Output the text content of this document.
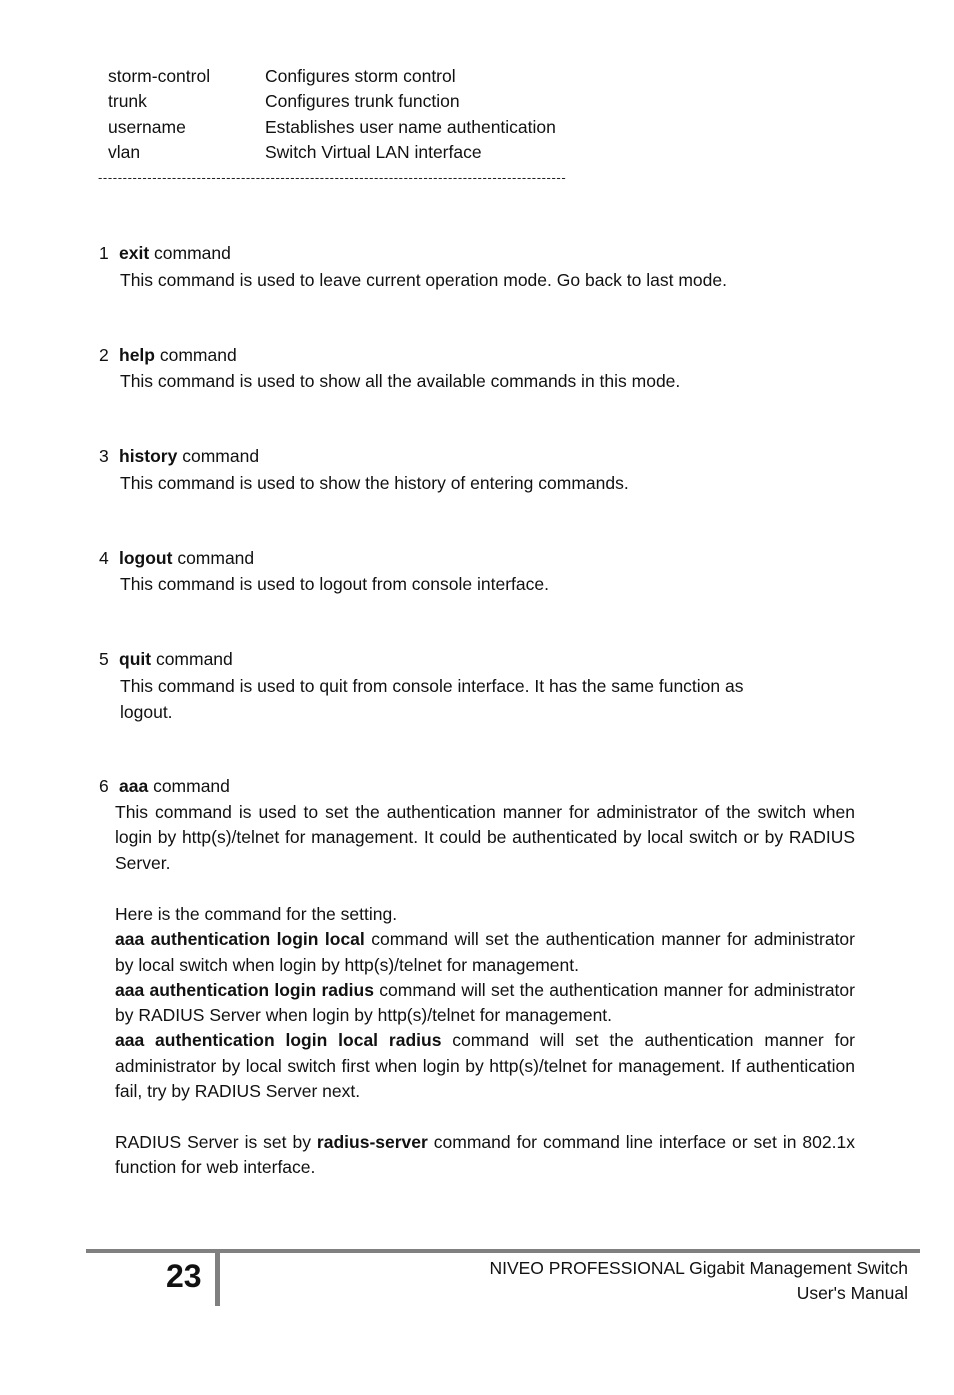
storm-control	Configures storm control
trunk	Configures trunk function
username	Establishes user name authentication
vlan	Switch Virtual LAN interface
-----------------------------------------------------------------------------------------------
1 exit command
This command is used to leave current operation mode. Go back to last mode.
2 help command
This command is used to show all the available commands in this mode.
3 history command
This command is used to show the history of entering commands.
4 logout command
This command is used to logout from console interface.
5 quit command
This command is used to quit from console interface. It has the same function as
logout.
6 aaa command
This command is used to set the authentication manner for administrator of the switch when login by http(s)/telnet for management. It could be authenticated by local switch or by RADIUS Server.
Here is the command for the setting.
aaa authentication login local command will set the authentication manner for administrator by local switch when login by http(s)/telnet for management.
aaa authentication login radius command will set the authentication manner for administrator by RADIUS Server when login by http(s)/telnet for management.
aaa authentication login local radius command will set the authentication manner for administrator by local switch first when login by http(s)/telnet for management. If authentication fail, try by RADIUS Server next.
RADIUS Server is set by radius-server command for command line interface or set in 802.1x function for web interface.
23	NIVEO PROFESSIONAL Gigabit Management Switch
User's Manual
